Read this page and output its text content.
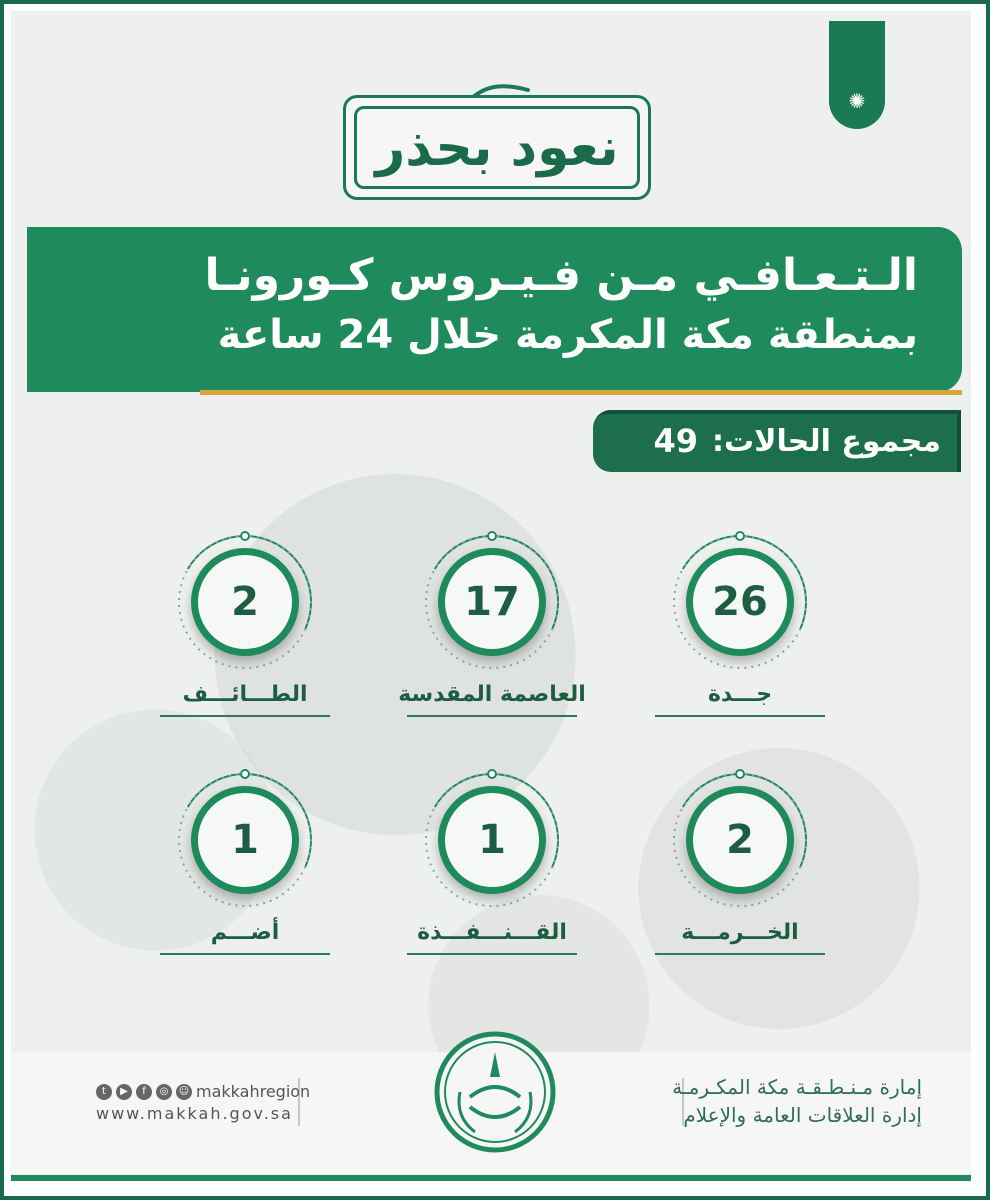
✺
نعود بحذر
الـتـعـافـي مـن فـيـروس كـورونـا
بمنطقة مكة المكرمة خلال 24 ساعة
مجموع الحالات:
49
26
جـــدة
17
العاصمة المقدسة
2
الطـــائـــف
2
الخـــرمـــة
1
القـــنـــفـــذة
1
أضـــم
إمارة مـنـطـقـة مكة المكـرمـة
إدارة العلاقات العامة والإعلام
t	▶	f	◎	☺ makkahregion
www.makkah.gov.sa
